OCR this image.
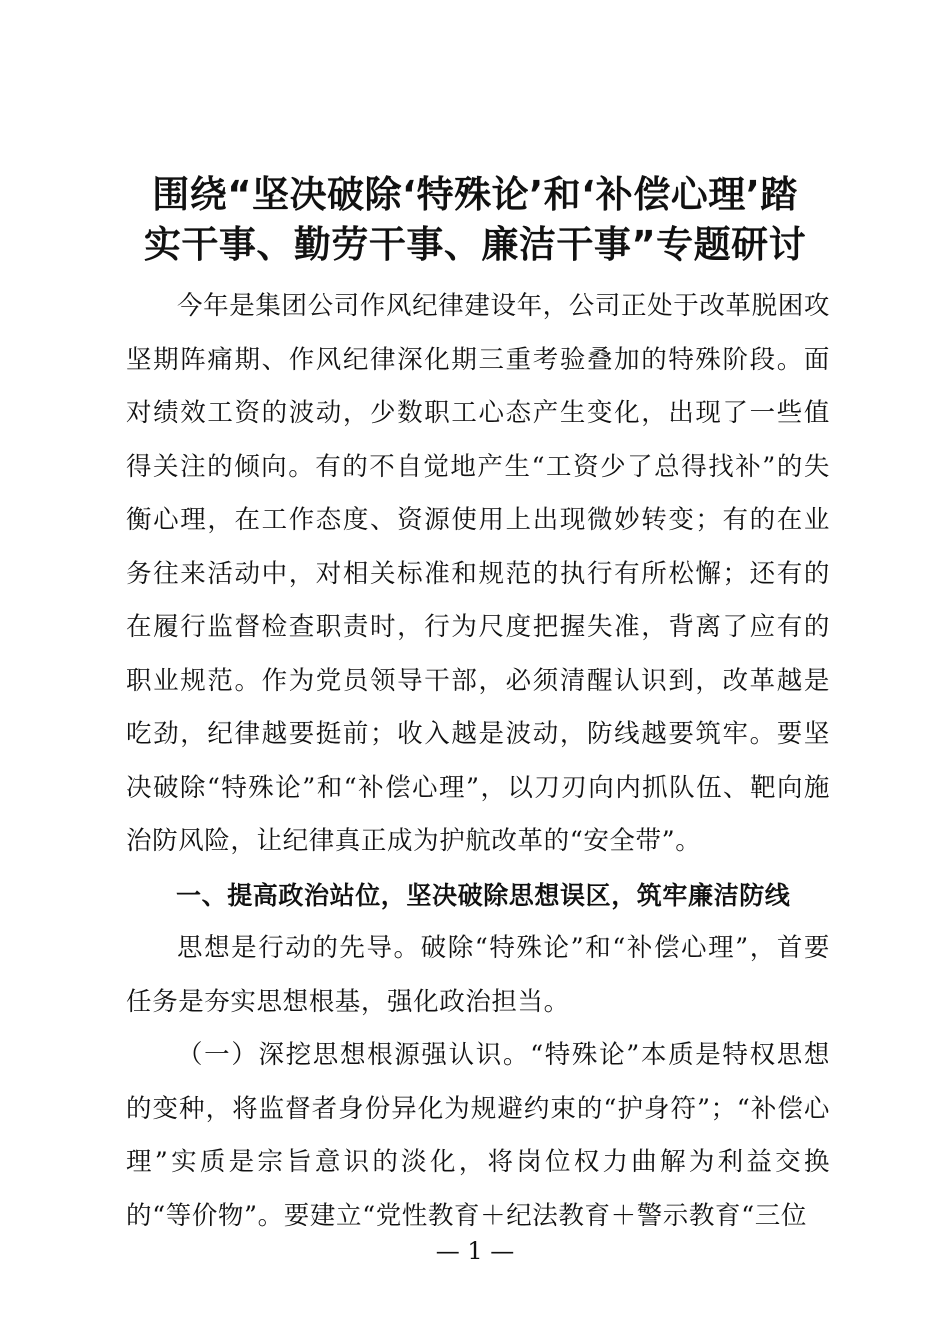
围绕“坚决破除‘特殊论’和‘补偿心理’踏
实干事、勤劳干事、廉洁干事”专题研讨

今年是集团公司作风纪律建设年，公司正处于改革脱困攻坚期阵痛期、作风纪律深化期三重考验叠加的特殊阶段。面对绩效工资的波动，少数职工心态产生变化，出现了一些值得关注的倾向。有的不自觉地产生“工资少了总得找补”的失衡心理，在工作态度、资源使用上出现微妙转变；有的在业务往来活动中，对相关标准和规范的执行有所松懈；还有的在履行监督检查职责时，行为尺度把握失准，背离了应有的职业规范。作为党员领导干部，必须清醒认识到，改革越是吃劲，纪律越要挺前；收入越是波动，防线越要筑牢。要坚决破除“特殊论”和“补偿心理”，以刀刃向内抓队伍、靶向施治防风险，让纪律真正成为护航改革的“安全带”。

一、提高政治站位，坚决破除思想误区，筑牢廉洁防线

思想是行动的先导。破除“特殊论”和“补偿心理”，首要任务是夯实思想根基，强化政治担当。

（一）深挖思想根源强认识。“特殊论”本质是特权思想的变种，将监督者身份异化为规避约束的“护身符”；“补偿心理”实质是宗旨意识的淡化，将岗位权力曲解为利益交换的“等价物”。要建立“党性教育＋纪法教育＋警示教育“三位

— 1 —
